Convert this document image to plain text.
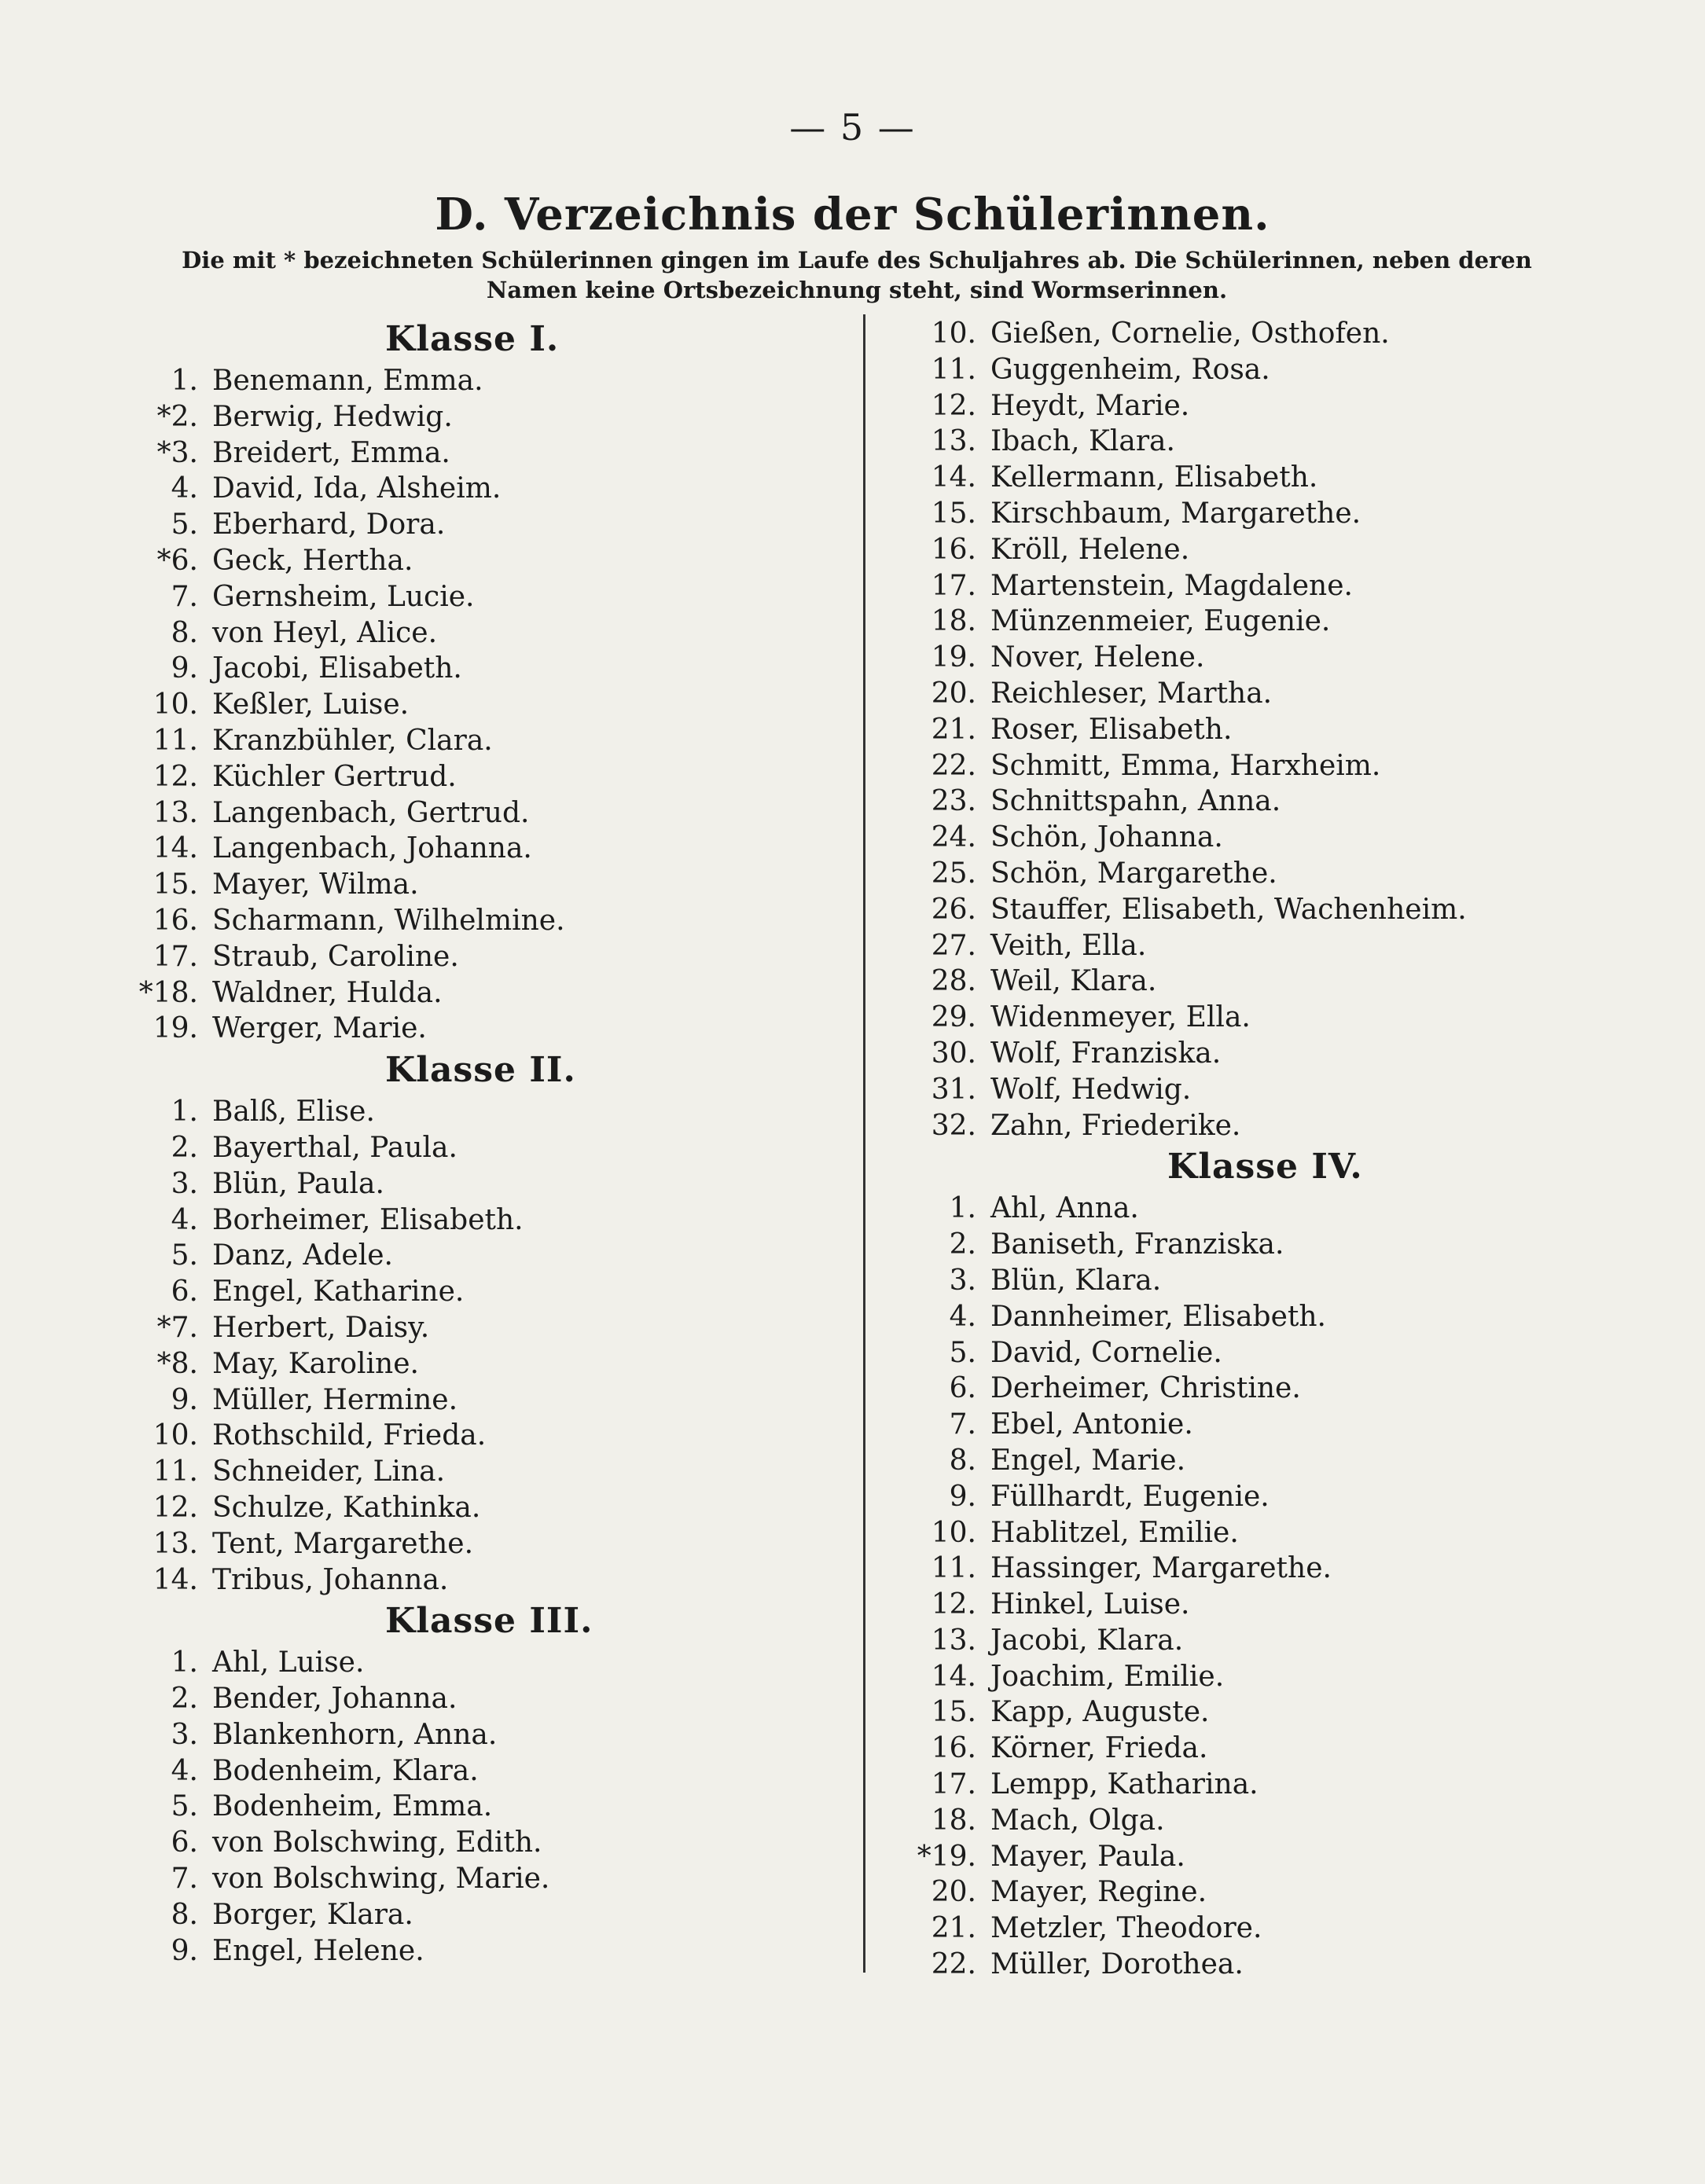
— 5 —
D. Verzeichnis der Schülerinnen.
Die mit * bezeichneten Schülerinnen gingen im Laufe des Schuljahres ab. Die Schülerinnen, neben deren Namen keine Ortsbezeichnung steht, sind Wormserinnen.
Klasse I.
1. Benemann, Emma.
*2. Berwig, Hedwig.
*3. Breidert, Emma.
4. David, Ida, Alsheim.
5. Eberhard, Dora.
*6. Geck, Hertha.
7. Gernsheim, Lucie.
8. von Heyl, Alice.
9. Jacobi, Elisabeth.
10. Keßler, Luise.
11. Kranzbühler, Clara.
12. Küchler Gertrud.
13. Langenbach, Gertrud.
14. Langenbach, Johanna.
15. Mayer, Wilma.
16. Scharmann, Wilhelmine.
17. Straub, Caroline.
*18. Waldner, Hulda.
19. Werger, Marie.
Klasse II.
1. Balß, Elise.
2. Bayerthal, Paula.
3. Blün, Paula.
4. Borheimer, Elisabeth.
5. Danz, Adele.
6. Engel, Katharine.
*7. Herbert, Daisy.
*8. May, Karoline.
9. Müller, Hermine.
10. Rothschild, Frieda.
11. Schneider, Lina.
12. Schulze, Kathinka.
13. Tent, Margarethe.
14. Tribus, Johanna.
Klasse III.
1. Ahl, Luise.
2. Bender, Johanna.
3. Blankenhorn, Anna.
4. Bodenheim, Klara.
5. Bodenheim, Emma.
6. von Bolschwing, Edith.
7. von Bolschwing, Marie.
8. Borger, Klara.
9. Engel, Helene.
10. Gießen, Cornelie, Osthofen.
11. Guggenheim, Rosa.
12. Heydt, Marie.
13. Ibach, Klara.
14. Kellermann, Elisabeth.
15. Kirschbaum, Margarethe.
16. Kröll, Helene.
17. Martenstein, Magdalene.
18. Münzenmeier, Eugenie.
19. Nover, Helene.
20. Reichleser, Martha.
21. Roser, Elisabeth.
22. Schmitt, Emma, Harxheim.
23. Schnittspahn, Anna.
24. Schön, Johanna.
25. Schön, Margarethe.
26. Stauffer, Elisabeth, Wachenheim.
27. Veith, Ella.
28. Weil, Klara.
29. Widenmeyer, Ella.
30. Wolf, Franziska.
31. Wolf, Hedwig.
32. Zahn, Friederike.
Klasse IV.
1. Ahl, Anna.
2. Baniseth, Franziska.
3. Blün, Klara.
4. Dannheimer, Elisabeth.
5. David, Cornelie.
6. Derheimer, Christine.
7. Ebel, Antonie.
8. Engel, Marie.
9. Füllhardt, Eugenie.
10. Hablitzel, Emilie.
11. Hassinger, Margarethe.
12. Hinkel, Luise.
13. Jacobi, Klara.
14. Joachim, Emilie.
15. Kapp, Auguste.
16. Körner, Frieda.
17. Lempp, Katharina.
18. Mach, Olga.
*19. Mayer, Paula.
20. Mayer, Regine.
21. Metzler, Theodore.
22. Müller, Dorothea.
